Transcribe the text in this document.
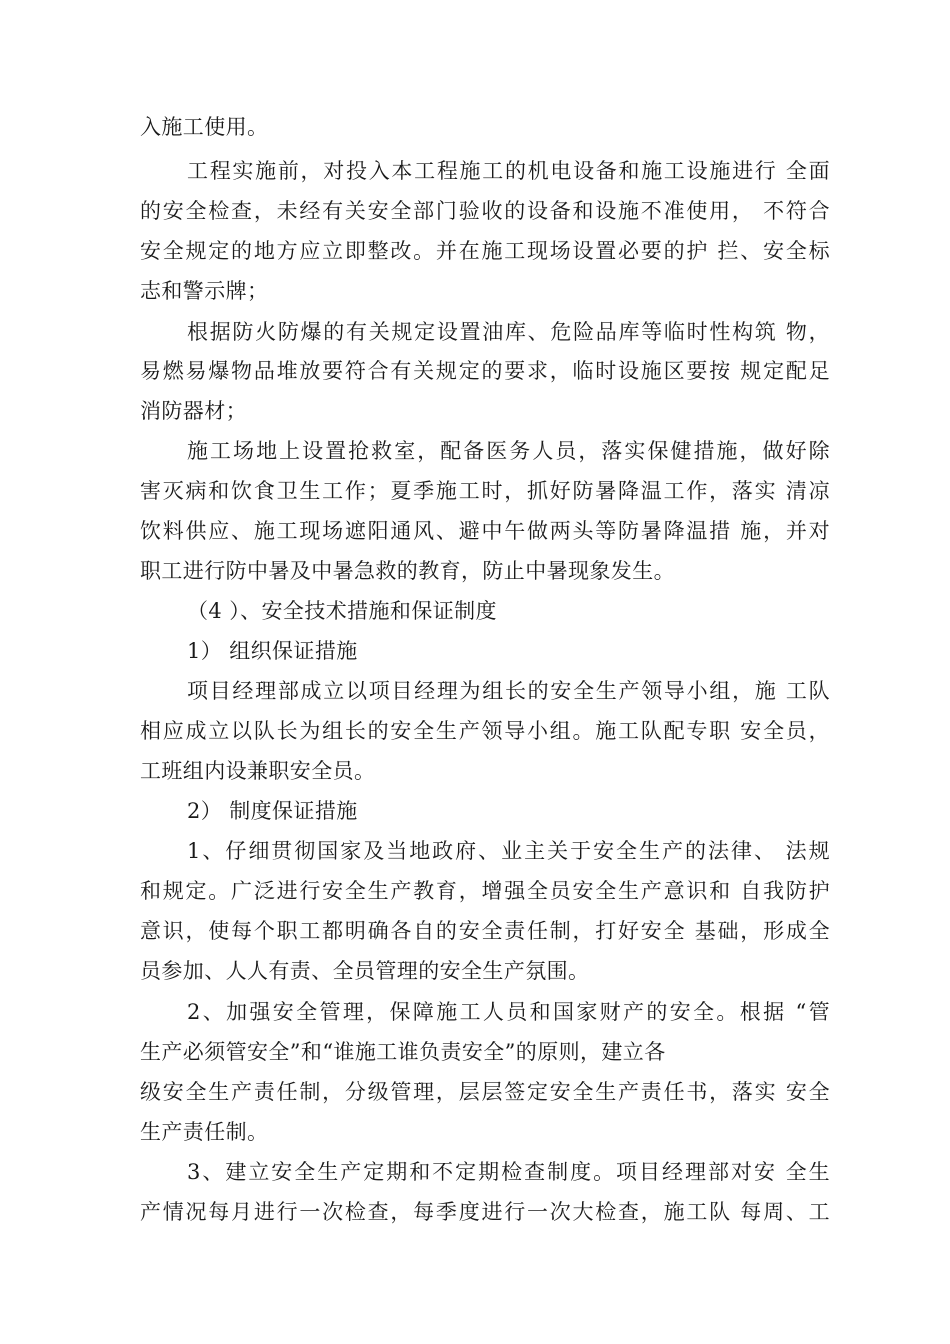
入施工使用。
工程实施前，对投入本工程施工的机电设备和施工设施进行 全面
的安全检查，未经有关安全部门验收的设备和设施不准使用， 不符合
安全规定的地方应立即整改。并在施工现场设置必要的护 拦、安全标
志和警示牌；
根据防火防爆的有关规定设置油库、危险品库等临时性构筑 物，
易燃易爆物品堆放要符合有关规定的要求，临时设施区要按 规定配足
消防器材；
施工场地上设置抢救室，配备医务人员，落实保健措施，做好除
害灭病和饮食卫生工作；夏季施工时，抓好防暑降温工作，落实 清凉
饮料供应、施工现场遮阳通风、避中午做两头等防暑降温措 施，并对
职工进行防中暑及中暑急救的教育，防止中暑现象发生。
（4 ）、安全技术措施和保证制度
1） 组织保证措施
项目经理部成立以项目经理为组长的安全生产领导小组，施 工队
相应成立以队长为组长的安全生产领导小组。施工队配专职 安全员，
工班组内设兼职安全员。
2） 制度保证措施
1、仔细贯彻国家及当地政府、业主关于安全生产的法律、 法规
和规定。广泛进行安全生产教育，增强全员安全生产意识和 自我防护
意识，使每个职工都明确各自的安全责任制，打好安全 基础，形成全
员参加、人人有责、全员管理的安全生产氛围。
2、加强安全管理，保障施工人员和国家财产的安全。根据 “管
生产必须管安全”和“谁施工谁负责安全”的原则，建立各
级安全生产责任制，分级管理，层层签定安全生产责任书，落实 安全
生产责任制。
3、建立安全生产定期和不定期检查制度。项目经理部对安 全生
产情况每月进行一次检查，每季度进行一次大检查，施工队 每周、工
